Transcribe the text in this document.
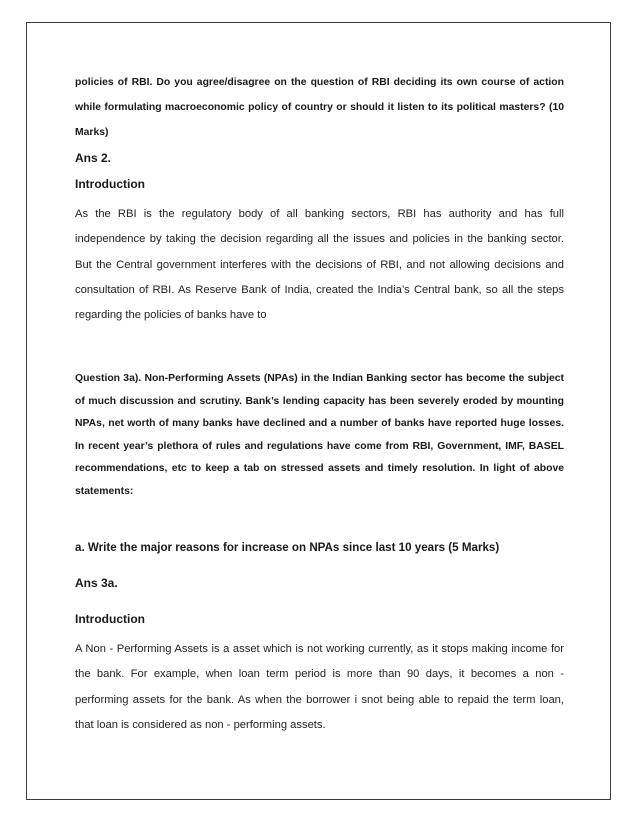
policies of RBI. Do you agree/disagree on the question of RBI deciding its own course of action while formulating macroeconomic policy of country or should it listen to its political masters? (10 Marks)

Ans 2.

Introduction

As the RBI is the regulatory body of all banking sectors, RBI has authority and has full independence by taking the decision regarding all the issues and policies in the banking sector. But the Central government interferes with the decisions of RBI, and not allowing decisions and consultation of RBI. As Reserve Bank of India, created the India’s Central bank, so all the steps regarding the policies of banks have to

Question 3a). Non-Performing Assets (NPAs) in the Indian Banking sector has become the subject of much discussion and scrutiny. Bank’s lending capacity has been severely eroded by mounting NPAs, net worth of many banks have declined and a number of banks have reported huge losses. In recent year’s plethora of rules and regulations have come from RBI, Government, IMF, BASEL recommendations, etc to keep a tab on stressed assets and timely resolution. In light of above statements:

a. Write the major reasons for increase on NPAs since last 10 years (5 Marks)

Ans 3a.

Introduction

A Non - Performing Assets is a asset which is not working currently, as it stops making income for the bank. For example, when loan term period is more than 90 days, it becomes a non - performing assets for the bank. As when the borrower i snot being able to repaid the term loan, that loan is considered as non - performing assets.
